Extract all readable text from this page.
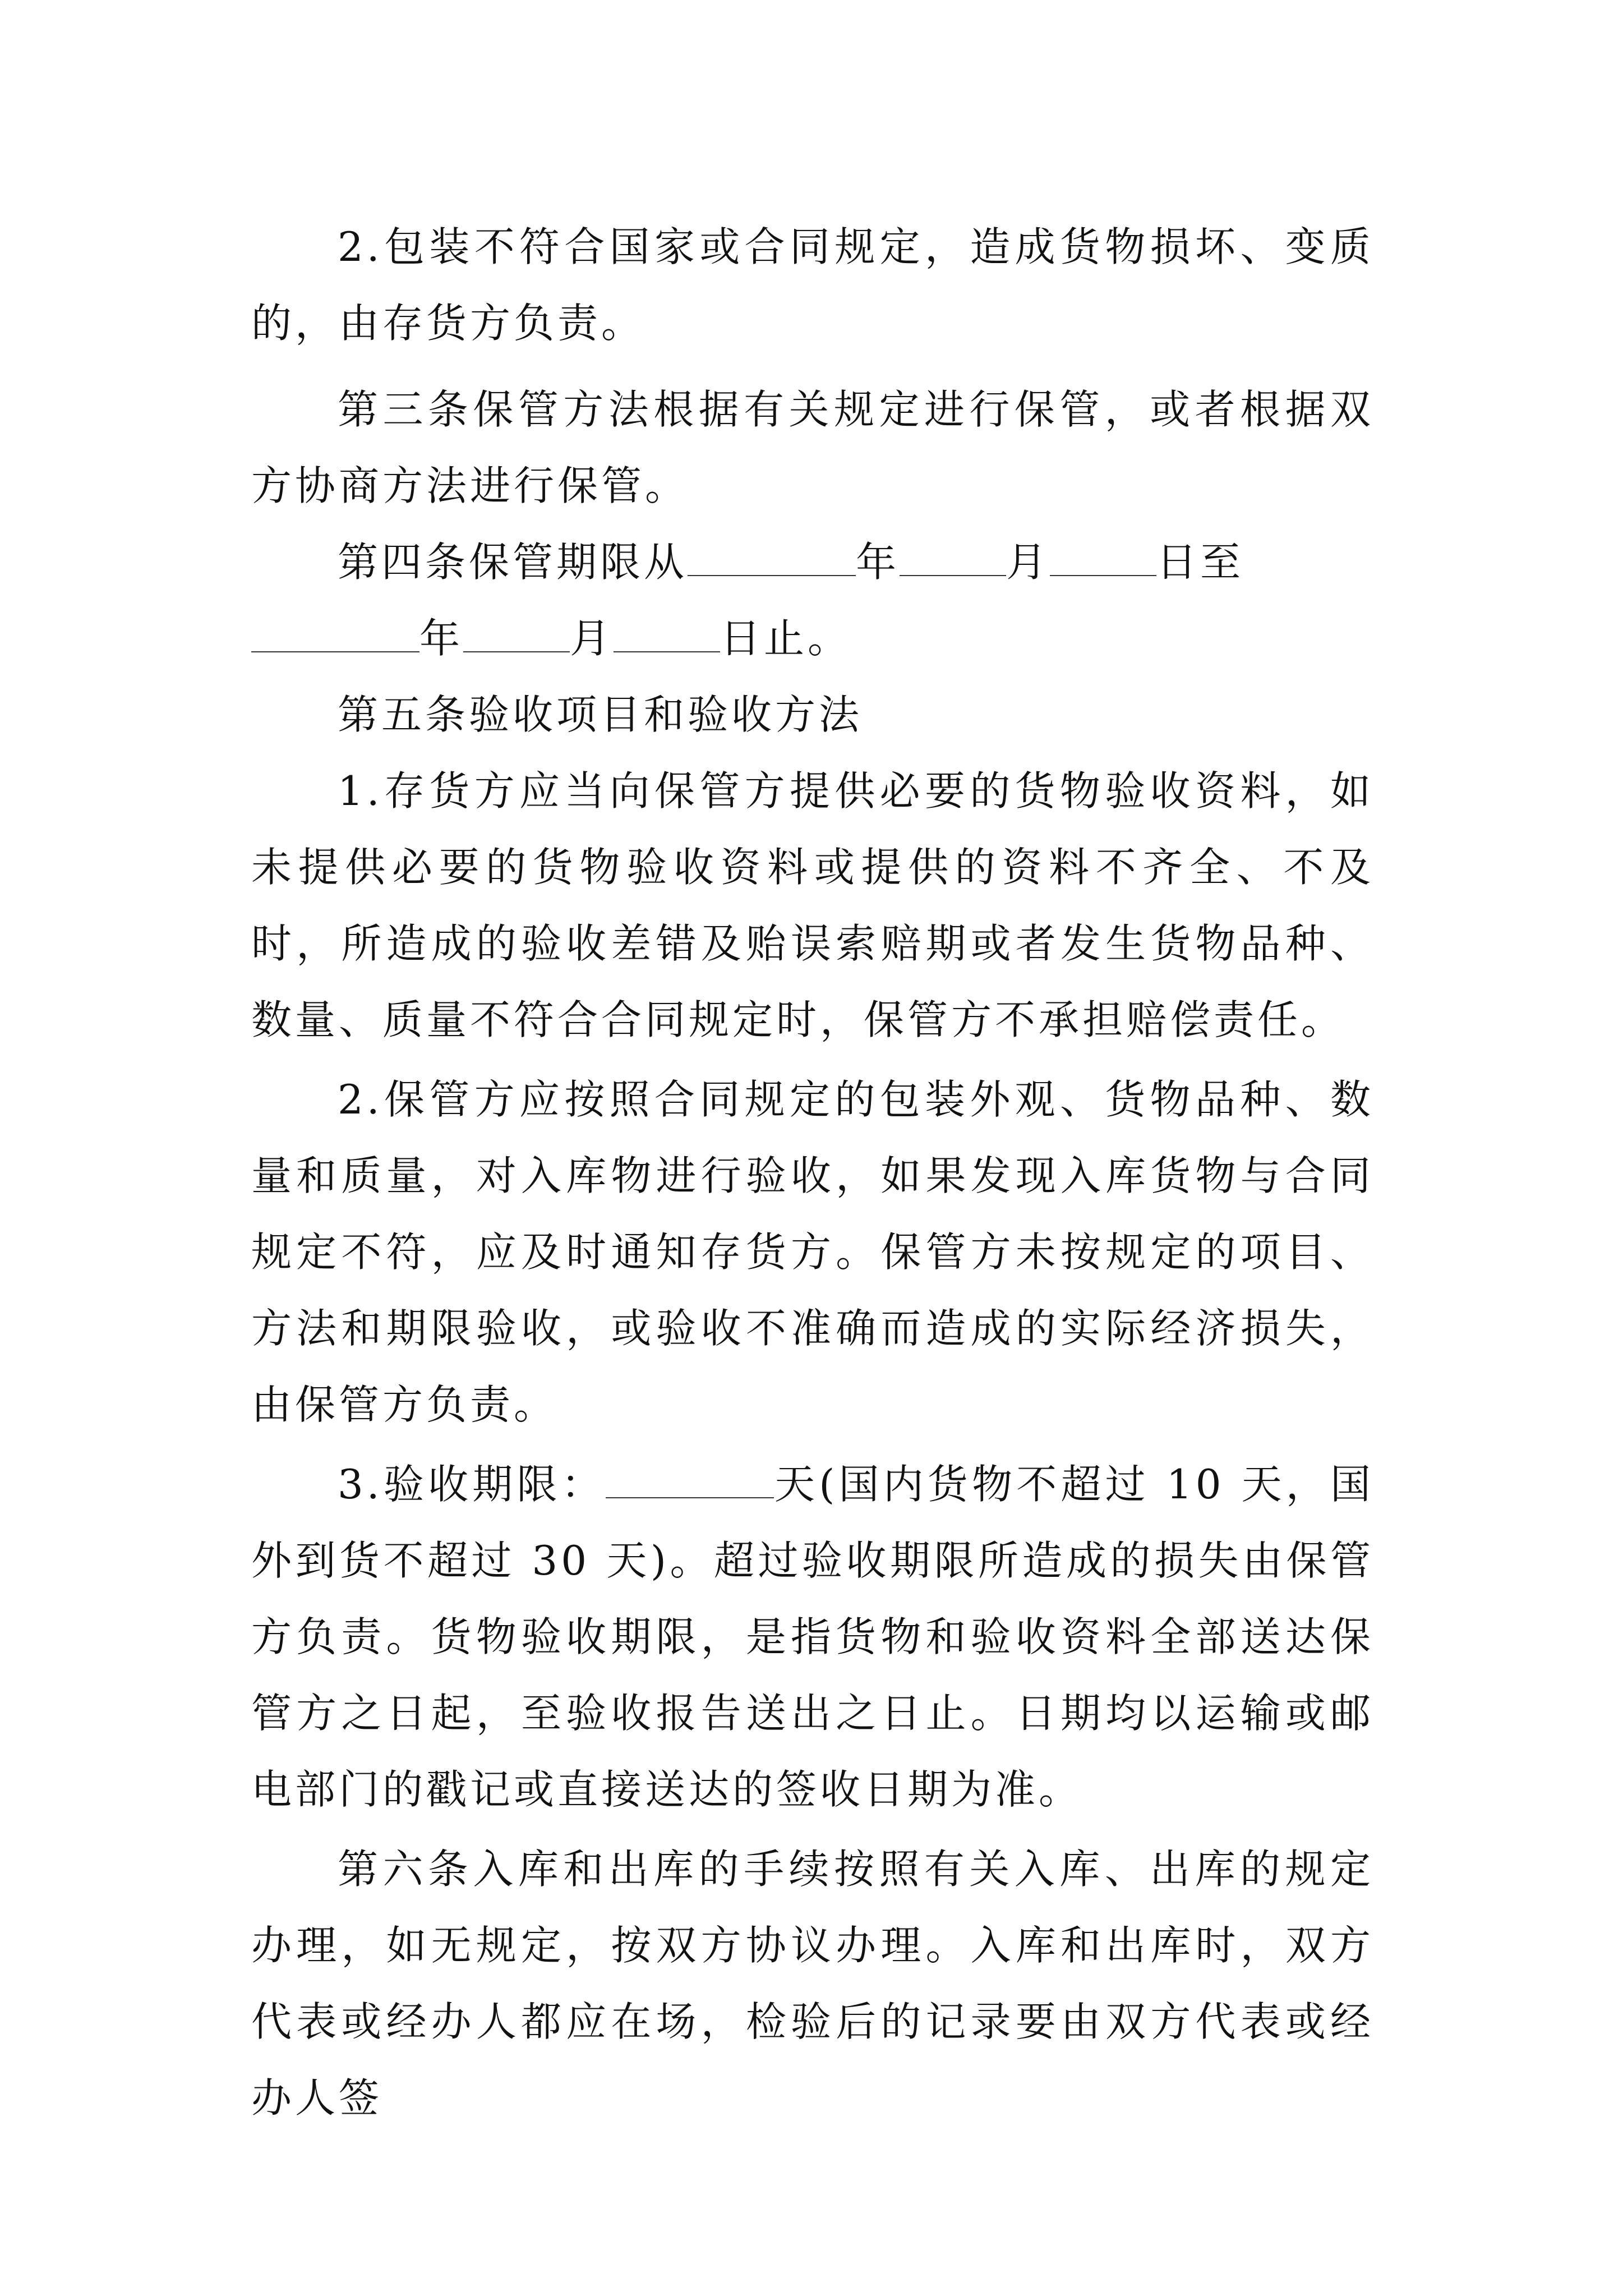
2.包装不符合国家或合同规定，造成货物损坏、变质的，由存货方负责。

第三条保管方法根据有关规定进行保管，或者根据双方协商方法进行保管。

第四条保管期限从	年	月	日至
年	月	日止。

第五条验收项目和验收方法

1.存货方应当向保管方提供必要的货物验收资料，如未提供必要的货物验收资料或提供的资料不齐全、不及时，所造成的验收差错及贻误索赔期或者发生货物品种、数量、质量不符合合同规定时，保管方不承担赔偿责任。

2.保管方应按照合同规定的包装外观、货物品种、数量和质量，对入库物进行验收，如果发现入库货物与合同规定不符，应及时通知存货方。保管方未按规定的项目、方法和期限验收，或验收不准确而造成的实际经济损失，由保管方负责。

3.验收期限：	天(国内货物不超过 10 天，国外到货不超过 30 天)。超过验收期限所造成的损失由保管方负责。货物验收期限，是指货物和验收资料全部送达保管方之日起，至验收报告送出之日止。日期均以运输或邮电部门的戳记或直接送达的签收日期为准。

第六条入库和出库的手续按照有关入库、出库的规定办理，如无规定，按双方协议办理。入库和出库时，双方代表或经办人都应在场，检验后的记录要由双方代表或经办人签
